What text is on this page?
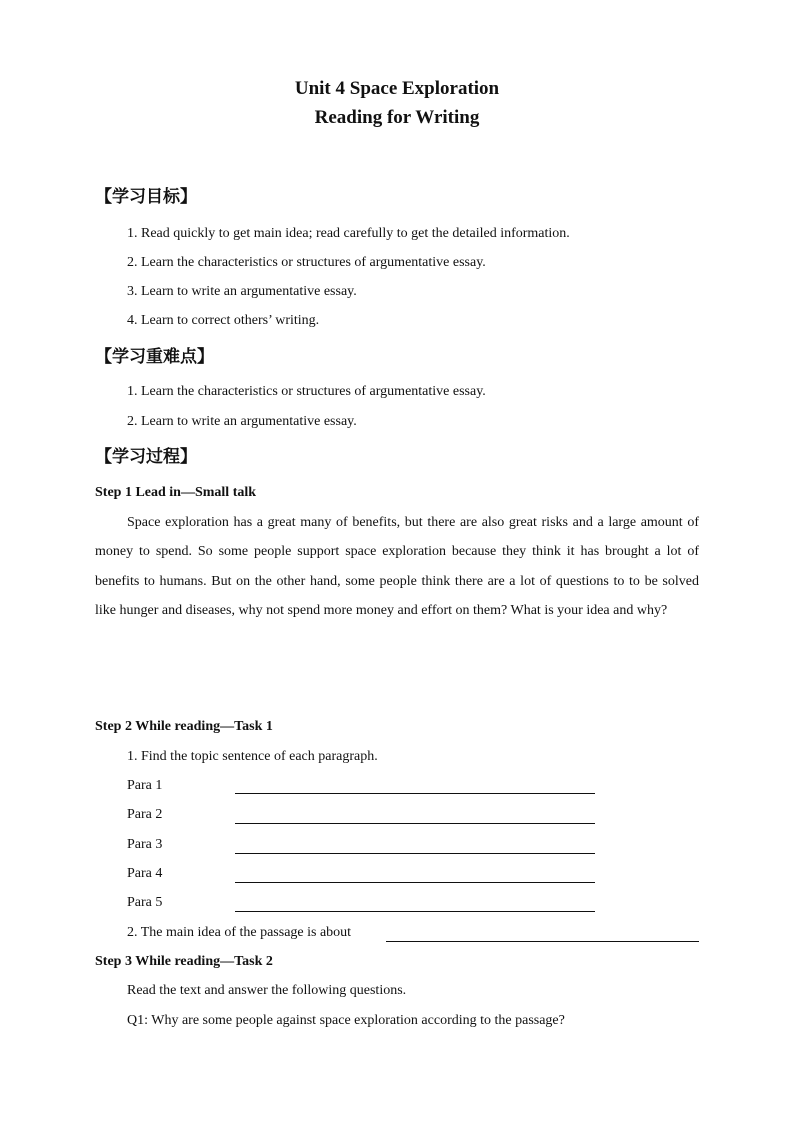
Unit 4 Space Exploration
Reading for Writing
【学习目标】
1. Read quickly to get main idea; read carefully to get the detailed information.
2. Learn the characteristics or structures of argumentative essay.
3. Learn to write an argumentative essay.
4. Learn to correct others’ writing.
【学习重难点】
1. Learn the characteristics or structures of argumentative essay.
2. Learn to write an argumentative essay.
【学习过程】
Step 1 Lead in—Small talk
Space exploration has a great many of benefits, but there are also great risks and a large amount of money to spend. So some people support space exploration because they think it has brought a lot of benefits to humans. But on the other hand, some people think there are a lot of questions to to be solved like hunger and diseases, why not spend more money and effort on them? What is your idea and why?
Step 2 While reading—Task 1
1. Find the topic sentence of each paragraph.
Para 1
Para 2
Para 3
Para 4
Para 5
2. The main idea of the passage is about
Step 3 While reading—Task 2
Read the text and answer the following questions.
Q1: Why are some people against space exploration according to the passage?
